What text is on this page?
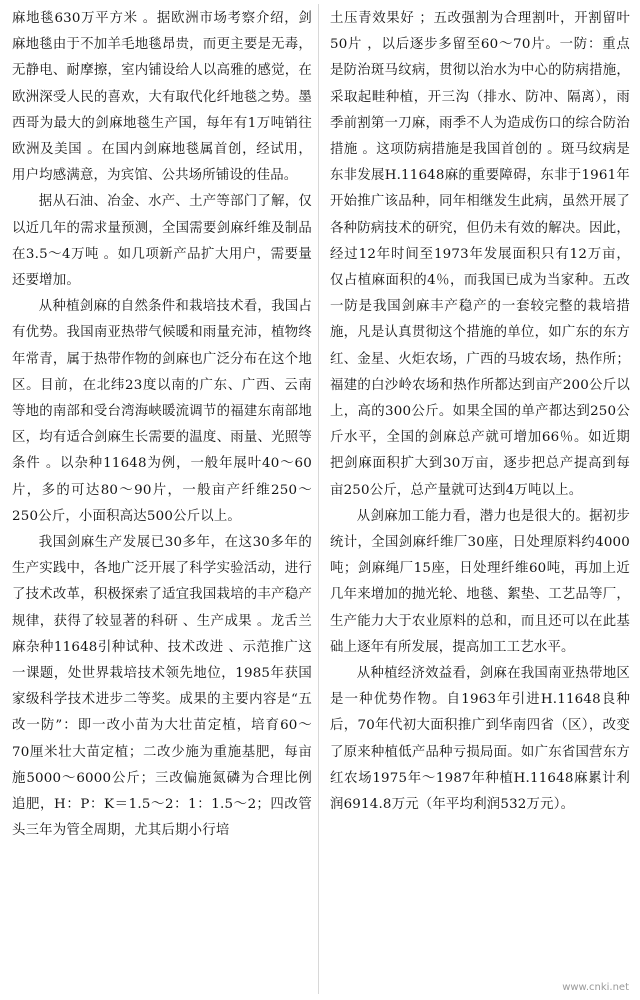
麻地毯630万平方米 。据欧洲市场考察介绍，剑麻地毯由于不加羊毛地毯昂贵，而更主要是无毒，无静电、耐摩擦，室内铺设给人以高雅的感觉，在欧洲深受人民的喜欢，大有取代化纤地毯之势。墨西哥为最大的剑麻地毯生产国，每年有1万吨销往欧洲及美国 。在国内剑麻地毯属首创，经试用，用户均感满意，为宾馆、公共场所铺设的佳品。

据从石油、冶金、水产、土产等部门了解，仅以近几年的需求量预测，全国需要剑麻纤维及制品在3.5～4万吨 。如几项新产品扩大用户，需要量还要增加。

从种植剑麻的自然条件和栽培技术看，我国占有优势。我国南亚热带气候暖和雨量充沛，植物终年常青，属于热带作物的剑麻也广泛分布在这个地区。目前，在北纬23度以南的广东、广西、云南等地的南部和受台湾海峡暖流调节的福建东南部地区，均有适合剑麻生长需要的温度、雨量、光照等条件 。以杂种11648为例，一般年展叶40～60片，多的可达80～90片，一般亩产纤维250～250公斤，小面积高达500公斤以上。

我国剑麻生产发展已30多年，在这30多年的生产实践中，各地广泛开展了科学实验活动，进行了技术改革，积极探索了适宜我国栽培的丰产稳产规律，获得了较显著的科研 、生产成果 。龙舌兰麻杂种11648引种试种、技术改进 、示范推广这一课题，处世界栽培技术领先地位，1985年获国家级科学技术进步二等奖。成果的主要内容是“五改一防”：即一改小苗为大壮苗定植，培育60～70厘米壮大苗定植；二改少施为重施基肥，每亩施5000～6000公斤；三改偏施氮磷为合理比例追肥，H：P：K＝1.5～2：1：1.5～2；四改管头三年为管全周期，尤其后期小行培

土压青效果好 ；五改强割为合理割叶，开割留叶50片 ，以后逐步多留至60～70片。一防：重点是防治斑马纹病，贯彻以治水为中心的防病措施，采取起畦种植，开三沟（排水、防冲、隔离），雨季前割第一刀麻，雨季不人为造成伤口的综合防治措施 。这项防病措施是我国首创的 。斑马纹病是东非发展H.11648麻的重要障碍，东非于1961年开始推广该品种，同年相继发生此病，虽然开展了各种防病技术的研究，但仍未有效的解决。因此，经过12年时间至1973年发展面积只有12万亩，仅占植麻面积的4％，而我国已成为当家种。五改一防是我国剑麻丰产稳产的一套较完整的栽培措施，凡是认真贯彻这个措施的单位，如广东的东方红、金星、火炬农场，广西的马坡农场，热作所；福建的白沙岭农场和热作所都达到亩产200公斤以上，高的300公斤。如果全国的单产都达到250公斤水平，全国的剑麻总产就可增加66％。如近期把剑麻面积扩大到30万亩，逐步把总产提高到每亩250公斤，总产量就可达到4万吨以上。

从剑麻加工能力看，潜力也是很大的。据初步统计，全国剑麻纤维厂30座，日处理原料约4000吨；剑麻绳厂15座，日处理纤维60吨，再加上近几年来增加的抛光轮、地毯、絮垫、工艺品等厂，生产能力大于农业原料的总和，而且还可以在此基础上逐年有所发展，提高加工工艺水平。

从种植经济效益看，剑麻在我国南亚热带地区是一种优势作物。自1963年引进H.11648良种后，70年代初大面积推广到华南四省（区），改变了原来种植低产品种亏损局面。如广东省国营东方红农场1975年～1987年种植H.11648麻累计利润6914.8万元（年平均利润532万元）。

www.cnki.net
